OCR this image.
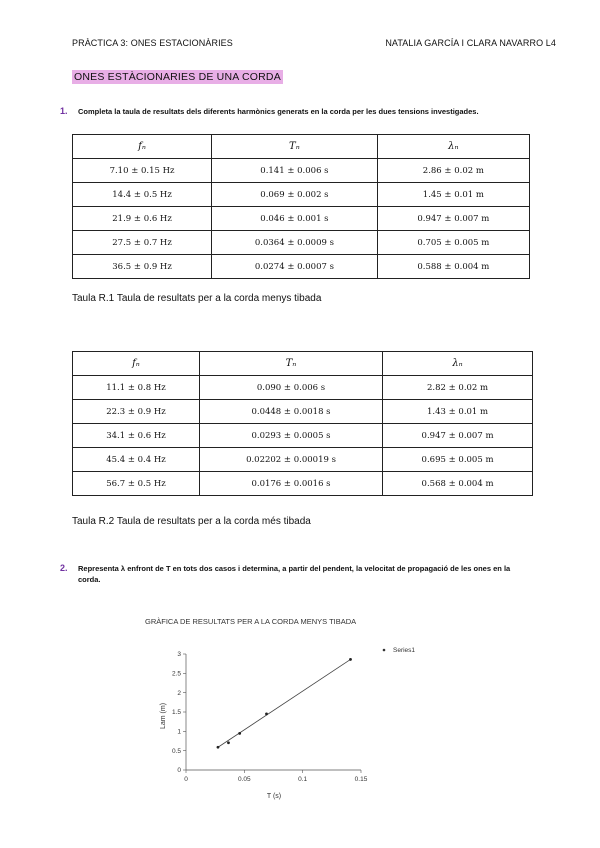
PRÀCTICA 3: ONES ESTACIONÀRIES	NATALIA GARCÍA I CLARA NAVARRO L4
ONES ESTÀCIONARIES DE UNA CORDA
1. Completa la taula de resultats dels diferents harmònics generats en la corda per les dues tensions investigades.
fₙ	Tₙ	λₙ
7.10 ± 0.15 Hz	0.141 ± 0.006 s	2.86 ± 0.02 m
14.4 ± 0.5 Hz	0.069 ± 0.002 s	1.45 ± 0.01 m
21.9 ± 0.6 Hz	0.046 ± 0.001 s	0.947 ± 0.007 m
27.5 ± 0.7 Hz	0.0364 ± 0.0009 s	0.705 ± 0.005 m
36.5 ± 0.9 Hz	0.0274 ± 0.0007 s	0.588 ± 0.004 m
Taula R.1 Taula de resultats per a la corda menys tibada
fₙ	Tₙ	λₙ
11.1 ± 0.8 Hz	0.090 ± 0.006 s	2.82 ± 0.02 m
22.3 ± 0.9 Hz	0.0448 ± 0.0018 s	1.43 ± 0.01 m
34.1 ± 0.6 Hz	0.0293 ± 0.0005 s	0.947 ± 0.007 m
45.4 ± 0.4 Hz	0.02202 ± 0.00019 s	0.695 ± 0.005 m
56.7 ± 0.5 Hz	0.0176 ± 0.0016 s	0.568 ± 0.004 m
Taula R.2 Taula de resultats per a la corda més tibada
2. Representa λ enfront de T en tots dos casos i determina, a partir del pendent, la velocitat de propagació de les ones en la corda.
GRÀFICA DE RESULTATS PER A LA CORDA MENYS TIBADA
0
0.5
1
1.5
2
2.5
3
0	0.05	0.1	0.15
Lam (m)
T (s)
Series1
